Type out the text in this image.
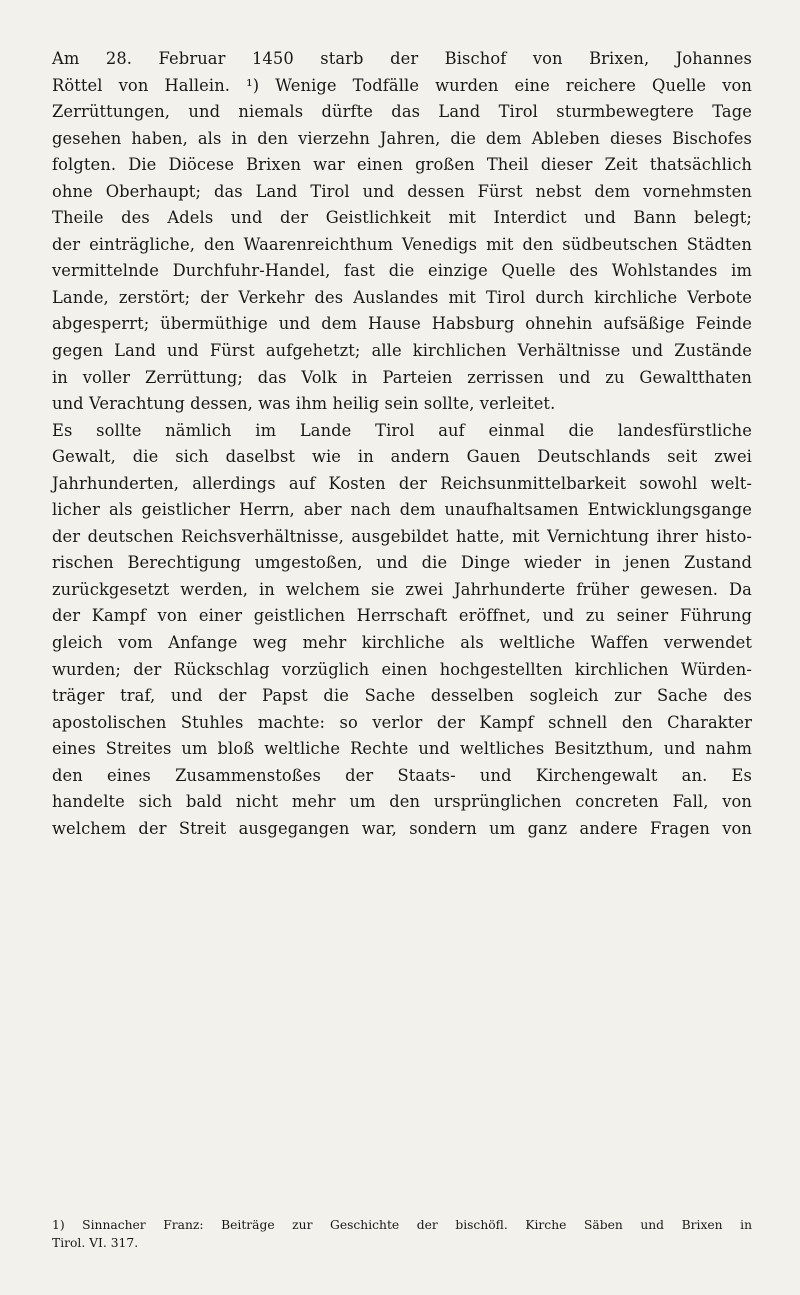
Am 28. Februar 1450 starb der Bischof von Brixen, Johannes
Röttel von Hallein. ¹) Wenige Todfälle wurden eine reichere Quelle von
Zerrüttungen, und niemals dürfte das Land Tirol sturmbewegtere Tage
gesehen haben, als in den vierzehn Jahren, die dem Ableben dieses Bischofes
folgten. Die Diöcese Brixen war einen großen Theil dieser Zeit thatsächlich
ohne Oberhaupt; das Land Tirol und dessen Fürst nebst dem vornehmsten
Theile des Adels und der Geistlichkeit mit Interdict und Bann belegt;
der einträgliche, den Waarenreichthum Venedigs mit den südbeutschen Städten
vermittelnde Durchfuhr-Handel, fast die einzige Quelle des Wohlstandes im
Lande, zerstört; der Verkehr des Auslandes mit Tirol durch kirchliche Verbote
abgesperrt; übermüthige und dem Hause Habsburg ohnehin aufsäßige Feinde
gegen Land und Fürst aufgehetzt; alle kirchlichen Verhältnisse und Zustände
in voller Zerrüttung; das Volk in Parteien zerrissen und zu Gewaltthaten
und Verachtung dessen, was ihm heilig sein sollte, verleitet.
Es sollte nämlich im Lande Tirol auf einmal die landesfürstliche
Gewalt, die sich daselbst wie in andern Gauen Deutschlands seit zwei
Jahrhunderten, allerdings auf Kosten der Reichsunmittelbarkeit sowohl welt-
licher als geistlicher Herrn, aber nach dem unaufhaltsamen Entwicklungsgange
der deutschen Reichsverhältnisse, ausgebildet hatte, mit Vernichtung ihrer histo-
rischen Berechtigung umgestoßen, und die Dinge wieder in jenen Zustand
zurückgesetzt werden, in welchem sie zwei Jahrhunderte früher gewesen. Da
der Kampf von einer geistlichen Herrschaft eröffnet, und zu seiner Führung
gleich vom Anfange weg mehr kirchliche als weltliche Waffen verwendet
wurden; der Rückschlag vorzüglich einen hochgestellten kirchlichen Würden-
träger traf, und der Papst die Sache desselben sogleich zur Sache des
apostolischen Stuhles machte: so verlor der Kampf schnell den Charakter
eines Streites um bloß weltliche Rechte und weltliches Besitzthum, und nahm
den eines Zusammenstoßes der Staats- und Kirchengewalt an. Es
handelte sich bald nicht mehr um den ursprünglichen concreten Fall, von
welchem der Streit ausgegangen war, sondern um ganz andere Fragen von
1) Sinnacher Franz: Beiträge zur Geschichte der bischöfl. Kirche Säben und Brixen in
Tirol. VI. 317.
